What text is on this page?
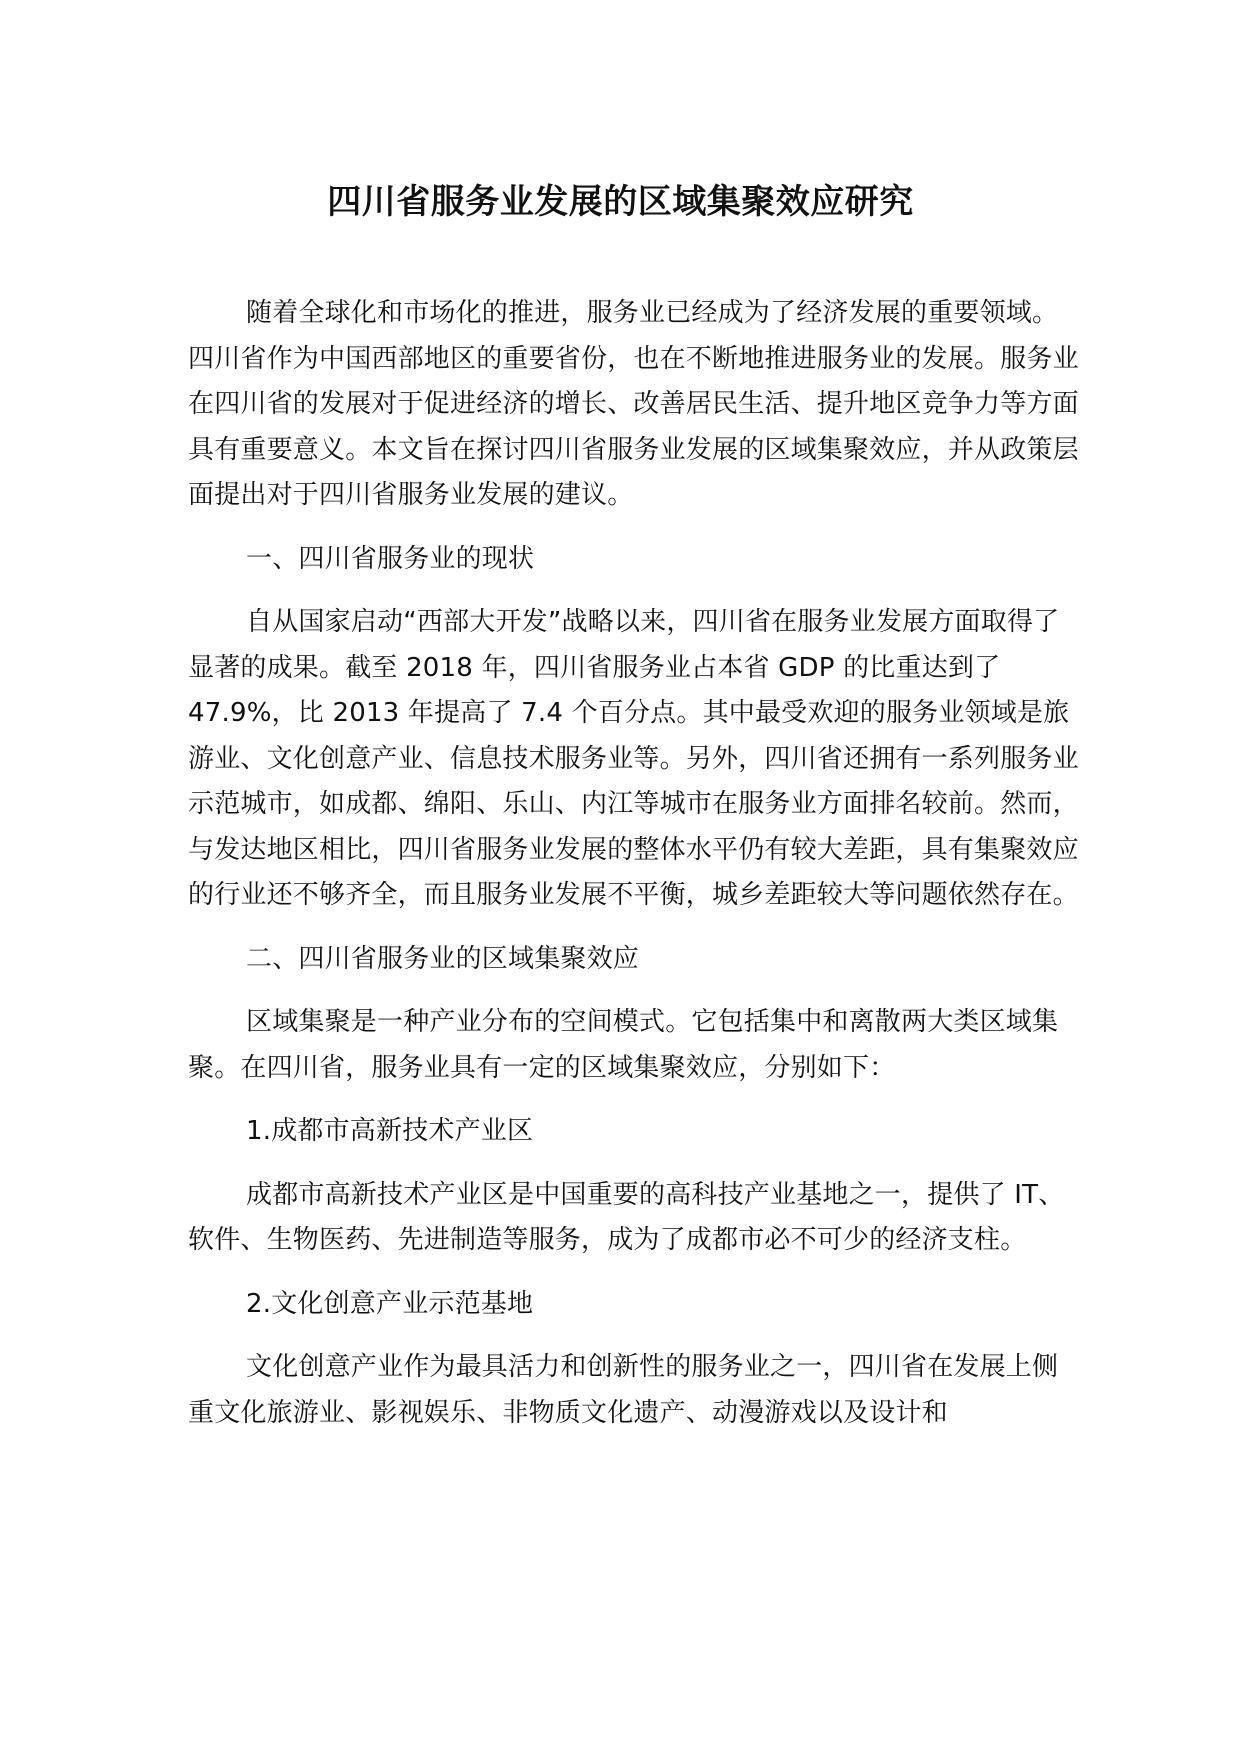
四川省服务业发展的区域集聚效应研究

随着全球化和市场化的推进，服务业已经成为了经济发展的重要领域。四川省作为中国西部地区的重要省份，也在不断地推进服务业的发展。服务业在四川省的发展对于促进经济的增长、改善居民生活、提升地区竞争力等方面具有重要意义。本文旨在探讨四川省服务业发展的区域集聚效应，并从政策层面提出对于四川省服务业发展的建议。

一、四川省服务业的现状

自从国家启动“西部大开发”战略以来，四川省在服务业发展方面取得了显著的成果。截至 2018 年，四川省服务业占本省 GDP 的比重达到了 47.9%，比 2013 年提高了 7.4 个百分点。其中最受欢迎的服务业领域是旅游业、文化创意产业、信息技术服务业等。另外，四川省还拥有一系列服务业示范城市，如成都、绵阳、乐山、内江等城市在服务业方面排名较前。然而，与发达地区相比，四川省服务业发展的整体水平仍有较大差距，具有集聚效应的行业还不够齐全，而且服务业发展不平衡，城乡差距较大等问题依然存在。

二、四川省服务业的区域集聚效应

区域集聚是一种产业分布的空间模式。它包括集中和离散两大类区域集聚。在四川省，服务业具有一定的区域集聚效应，分别如下：

1.成都市高新技术产业区

成都市高新技术产业区是中国重要的高科技产业基地之一，提供了 IT、软件、生物医药、先进制造等服务，成为了成都市必不可少的经济支柱。

2.文化创意产业示范基地

文化创意产业作为最具活力和创新性的服务业之一，四川省在发展上侧重文化旅游业、影视娱乐、非物质文化遗产、动漫游戏以及设计和
